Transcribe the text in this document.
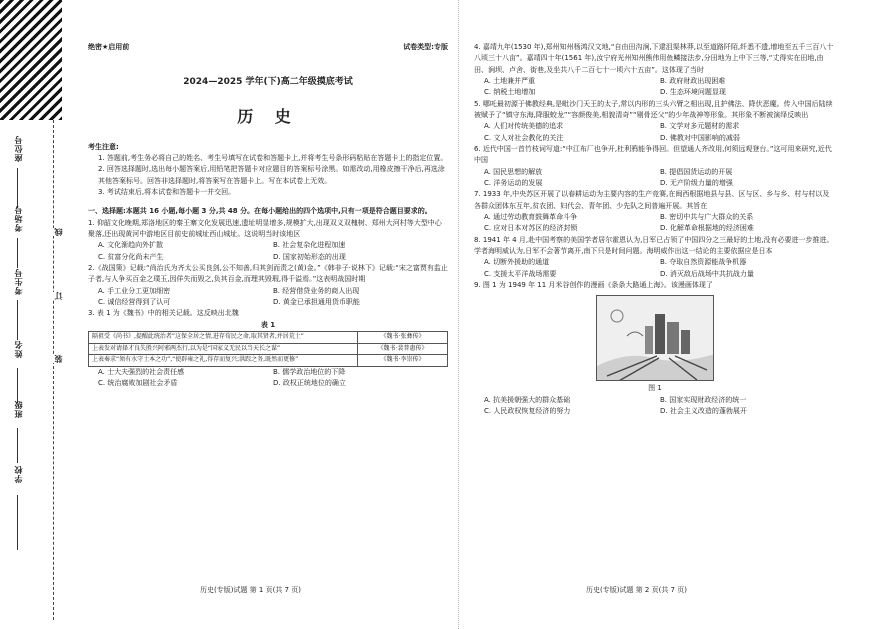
座位号
考场号
考生号
姓名
班级
学校
线
订
装
绝密★启用前	试卷类型:专版
2024—2025 学年(下)高二年级摸底考试
历 史
考生注意:
1. 答题前,考生务必将自己的姓名、考生号填写在试卷和答题卡上,并将考生号条形码粘贴在答题卡上的指定位置。
2. 回答选择题时,选出每小题答案后,用铅笔把答题卡对应题目的答案标号涂黑。如需改动,用橡皮擦干净后,再选涂其他答案标号。回答非选择题时,将答案写在答题卡上。写在本试卷上无效。
3. 考试结束后,将本试卷和答题卡一并交回。
一、选择题:本题共 16 小题,每小题 3 分,共 48 分。在每小题给出的四个选项中,只有一项是符合题目要求的。
1. 仰韶文化晚期,郑洛地区的秦王寨文化发展迅速,遗址明显增多,规模扩大,出现双义双槐树、郑州大河村等大型中心聚落,还出现黄河中游地区目前史前城址西山城址。这说明当时该地区
A. 文化渐趋向外扩散	B. 社会复杂化进程加速
C. 贫富分化尚未产生	D. 国家初始形态的出现
2.《战国策》记载:“尚治氏为齐太公买良剑,公不知善,归其剑而责之(黄)金。”《韩非子·说林下》记载:“宋之富贾有监止子者,与人争买百金之璞玉,因佯失而毁之,负其百金,而理其毁瑕,得千溢焉。”这表明战国时期
A. 手工业分工更加细密	B. 经营借贷业务的商人出现
C. 诚信经营得到了认可	D. 黄金已承担通用货币职能
3. 表 1 为《魏书》中的相关记载。这反映出北魏
表 1
隔祖受《尚书》,提醒此统治者”这保全居之情,进存荀民之命,取其贤者,并居荒土”	《魏书·张彝传》
上表发对请择才良失胜兴阿邪两杰行,以为是“国家义无民以当天长之谋”	《魏书·裴普惠传》
上表奏求“须有水守土本之功”,“使辟雍之礼,得存而复兴;洪踪之务,既然而更修”	《魏书·李崇传》
A. 士大夫强烈的社会责任感	B. 儒学政治地位的下降
C. 统治腐败加剧社会矛盾	D. 政权正统地位的确立
4. 嘉靖九年(1530 年),郑州知州杨鸿汉文地,“自由田沟涧,下逮沮渠林莽,以至道路阡陌,纤悉不遗,增地至五千三百八十八顷三十八亩”。嘉靖四十年(1561 年),汝宁府光州知州熊伟用鱼鳞接法步,分田地为上中下三等,“丈得实在田地,由田、涧坝、卢舍、街巷,及坐共八千二百七十一顷六十五亩”。这体现了当时
A. 土地兼并严重	B. 政府财政出现困难
C. 纳税土地增加	D. 生态环境问题显现
5. 哪吒最初源于佛教经典,是毗沙门天王的太子,常以内形的三头六臂之相出现,且护佛法、降伏恶魔。传入中国后陆续被赋予了“镇守东海,降服蛟龙”“容颜俊美,相貌清奇”“剔骨还父”的少年战神等形象。其形象不断被演绎反映出
A. 人们对传统美德的追求	B. 文学对多元题材的需求
C. 文人对社会教化的关注	D. 佛教对中国影响的减弱
6. 近代中国一首竹枝词写道:“中江布厂也争开,杜利鸦能争得回。但望通人齐改用,何须远观登台。”这可用来研究,近代中国
A. 国民思想的解放	B. 提倡国货运动的开展
C. 洋务运动的发展	D. 无产阶级力量的增强
7. 1933 年,中央苏区开展了以春耕运动为主要内容的生产竞赛,在闽西根据地县与县、区与区、乡与乡、村与村以及各群众团体东互年,贫农团、妇代会、青年团、少先队之间普遍开展。其旨在
A. 通过劳动教育鼓舞革命斗争	B. 密切中共与广大群众的关系
C. 应对日本对苏区的经济封锁	D. 化解革命根据地的经济困难
8. 1941 年 4 月,赴中国考察的美国学者居尔霍恩认为,日军已占领了中国四分之三最好的土地,没有必要进一步推进。学者海明威认为,日军不会著节离开,南下只是时间问题。海明威作出这一结论的主要依据应是日本
A. 切断外援助的通道	B. 夺取自然资源能战争机器
C. 支援太平洋战场需要	D. 消灭敌后战场中共抗战力量
9. 图 1 为 1949 年 11 月米谷创作的漫画《条条大路通上海》。该漫画体现了
图 1
A. 抗美援朝强大的群众基础	B. 国家实现财政经济的统一
C. 人民政权恢复经济的努力	D. 社会主义改造的蓬勃展开
历史(专版)试题 第 1 页(共 7 页)	历史(专版)试题 第 2 页(共 7 页)
